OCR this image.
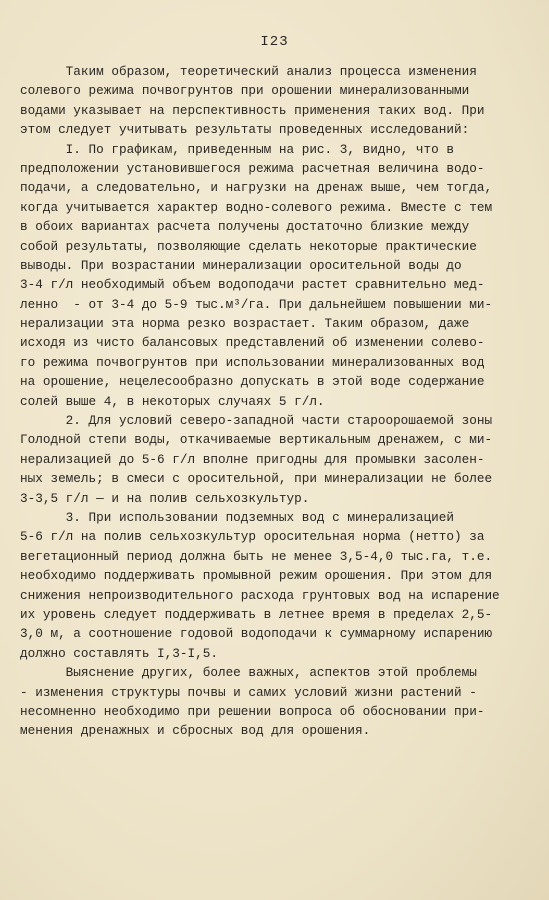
I23
Таким образом, теоретический анализ процесса изменения
солевого режима почвогрунтов при орошении минерализованными
водами указывает на перспективность применения таких вод. При
этом следует учитывать результаты проведенных исследований:
I. По графикам, приведенным на рис. 3, видно, что в
предположении установившегося режима расчетная величина водо-
подачи, а следовательно, и нагрузки на дренаж выше, чем тогда,
когда учитывается характер водно-солевого режима. Вместе с тем
в обоих вариантах расчета получены достаточно близкие между
собой результаты, позволяющие сделать некоторые практические
выводы. При возрастании минерализации оросительной воды до
3-4 г/л необходимый объем водоподачи растет сравнительно мед-
ленно  - от 3-4 до 5-9 тыс.м³/га. При дальнейшем повышении ми-
нерализации эта норма резко возрастает. Таким образом, даже
исходя из чисто балансовых представлений об изменении солево-
го режима почвогрунтов при использовании минерализованных вод
на орошение, нецелесообразно допускать в этой воде содержание
солей выше 4, в некоторых случаях 5 г/л.
2. Для условий северо-западной части староорошаемой зоны
Голодной степи воды, откачиваемые вертикальным дренажем, с ми-
нерализацией до 5-6 г/л вполне пригодны для промывки засолен-
ных земель; в смеси с оросительной, при минерализации не более
3-3,5 г/л — и на полив сельхозкультур.
3. При использовании подземных вод с минерализацией
5-6 г/л на полив сельхозкультур оросительная норма (нетто) за
вегетационный период должна быть не менее 3,5-4,0 тыс.га, т.е.
необходимо поддерживать промывной режим орошения. При этом для
снижения непроизводительного расхода грунтовых вод на испарение
их уровень следует поддерживать в летнее время в пределах 2,5-
3,0 м, а соотношение годовой водоподачи к суммарному испарению
должно составлять I,3-I,5.
Выяснение других, более важных, аспектов этой проблемы
- изменения структуры почвы и самих условий жизни растений -
несомненно необходимо при решении вопроса об обосновании при-
менения дренажных и сбросных вод для орошения.
